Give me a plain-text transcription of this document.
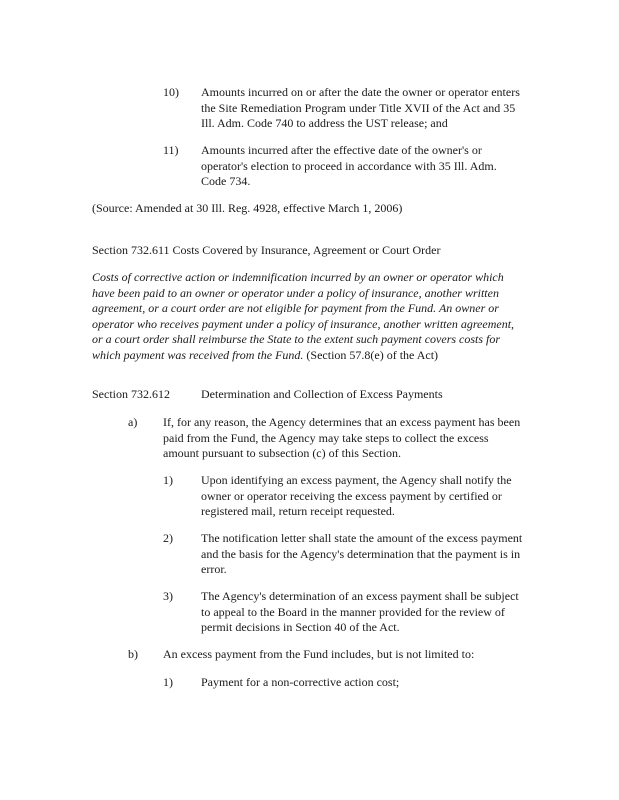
10) Amounts incurred on or after the date the owner or operator enters the Site Remediation Program under Title XVII of the Act and 35 Ill. Adm. Code 740 to address the UST release; and
11) Amounts incurred after the effective date of the owner's or operator's election to proceed in accordance with 35 Ill. Adm. Code 734.
(Source: Amended at 30 Ill. Reg. 4928, effective March 1, 2006)
Section 732.611 Costs Covered by Insurance, Agreement or Court Order
Costs of corrective action or indemnification incurred by an owner or operator which have been paid to an owner or operator under a policy of insurance, another written agreement, or a court order are not eligible for payment from the Fund. An owner or operator who receives payment under a policy of insurance, another written agreement, or a court order shall reimburse the State to the extent such payment covers costs for which payment was received from the Fund. (Section 57.8(e) of the Act)
Section 732.612	Determination and Collection of Excess Payments
a) If, for any reason, the Agency determines that an excess payment has been paid from the Fund, the Agency may take steps to collect the excess amount pursuant to subsection (c) of this Section.
1) Upon identifying an excess payment, the Agency shall notify the owner or operator receiving the excess payment by certified or registered mail, return receipt requested.
2) The notification letter shall state the amount of the excess payment and the basis for the Agency's determination that the payment is in error.
3) The Agency's determination of an excess payment shall be subject to appeal to the Board in the manner provided for the review of permit decisions in Section 40 of the Act.
b) An excess payment from the Fund includes, but is not limited to:
1) Payment for a non-corrective action cost;
